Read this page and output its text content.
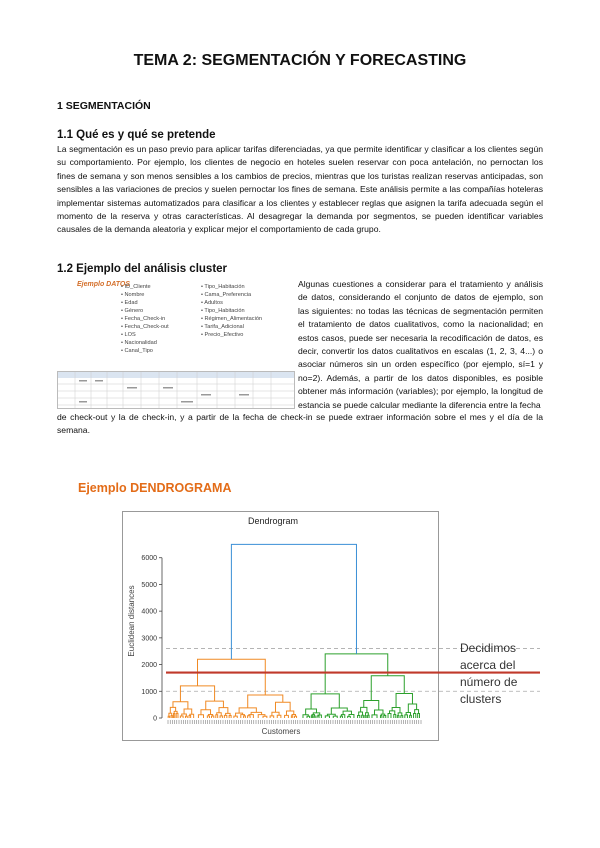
TEMA 2: SEGMENTACIÓN Y FORECASTING
1 SEGMENTACIÓN
1.1 Qué es y qué se pretende
La segmentación es un paso previo para aplicar tarifas diferenciadas, ya que permite identificar y clasificar a los clientes según su comportamiento. Por ejemplo, los clientes de negocio en hoteles suelen reservar con poca antelación, no pernoctan los fines de semana y son menos sensibles a los cambios de precios, mientras que los turistas realizan reservas anticipadas, son sensibles a las variaciones de precios y suelen pernoctar los fines de semana. Este análisis permite a las compañías hoteleras implementar sistemas automatizados para clasificar a los clientes y establecer reglas que asignen la tarifa adecuada según el momento de la reserva y otras características. Al desagregar la demanda por segmentos, se pueden identificar variables causales de la demanda aleatoria y explicar mejor el comportamiento de cada grupo.
1.2 Ejemplo del análisis cluster
Ejemplo DATOS
• ID_Cliente
• Nombre
• Edad
• Género
• Fecha_Check-in
• Fecha_Check-out
• LOS
• Nacionalidad
• Canal_Tipo
• Tipo_Habitación
• Cama_Preferencia
• Adultos
• Tipo_Habitación
• Régimen_Alimentación
• Tarifa_Adicional
• Precio_Efectivo
Algunas cuestiones a considerar para el tratamiento y análisis de datos, considerando el conjunto de datos de ejemplo, son las siguientes: no todas las técnicas de segmentación permiten el tratamiento de datos cualitativos, como la nacionalidad; en estos casos, puede ser necesaria la recodificación de datos, es decir, convertir los datos cualitativos en escalas (1, 2, 3, 4...) o asociar números sin un orden específico (por ejemplo, sí=1 y no=2). Además, a partir de los datos disponibles, es posible obtener más información (variables); por ejemplo, la longitud de estancia se puede calcular mediante la diferencia entre la fecha
de check-out y la de check-in, y a partir de la fecha de check-in se puede extraer información sobre el mes y el día de la semana.
Ejemplo DENDROGRAMA
Dendrogram
Customers
Euclidean distances
0
1000
2000
3000
4000
5000
6000
Decidimos
acerca del
número de
clusters
